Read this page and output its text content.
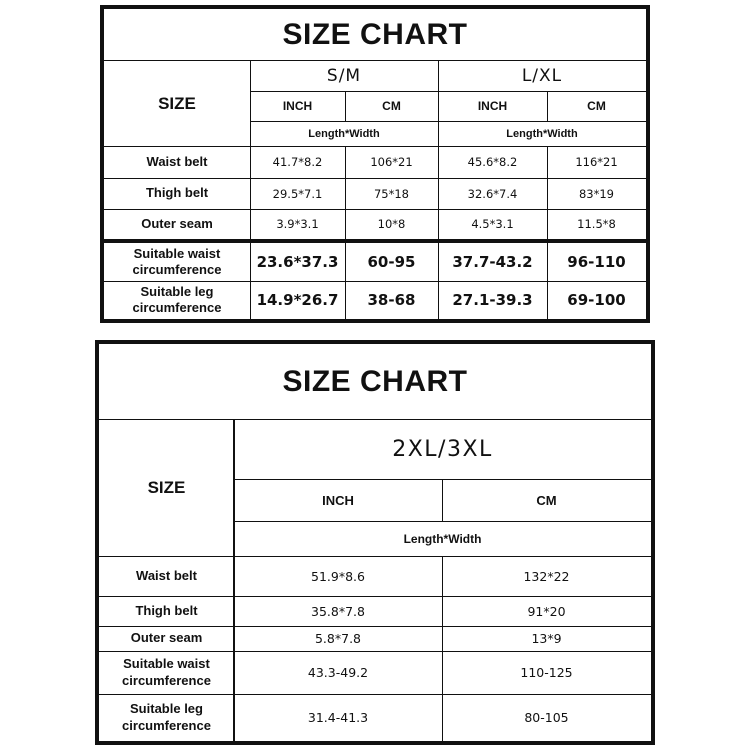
SIZE CHART
SIZE
S/M	L/XL
INCH	CM	INCH	CM
Length*Width	Length*Width
Waist belt	41.7*8.2	106*21	45.6*8.2	116*21
Thigh belt	29.5*7.1	75*18	32.6*7.4	83*19
Outer seam	3.9*3.1	10*8	4.5*3.1	11.5*8
Suitable waist circumference	23.6*37.3	60-95	37.7-43.2	96-110
Suitable leg circumference	14.9*26.7	38-68	27.1-39.3	69-100
SIZE CHART
SIZE
2XL/3XL
INCH	CM
Length*Width
Waist belt	51.9*8.6	132*22
Thigh belt	35.8*7.8	91*20
Outer seam	5.8*7.8	13*9
Suitable waist circumference	43.3-49.2	110-125
Suitable leg circumference	31.4-41.3	80-105
